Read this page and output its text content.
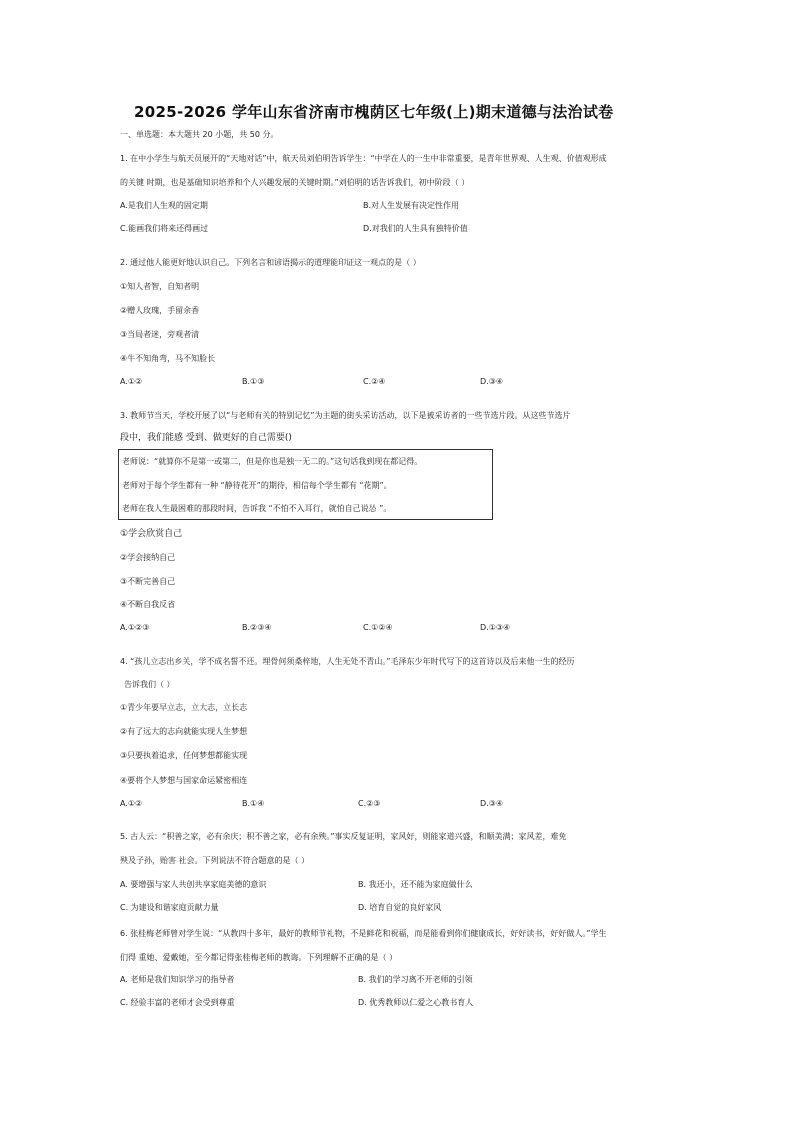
2025-2026 学年山东省济南市槐荫区七年级(上)期末道德与法治试卷
一、单选题：本大题共 20 小题，共 50 分。
1. 在中小学生与航天员展开的“天地对话”中，航天员刘伯明告诉学生：“中学在人的一生中非常重要，是青年世界观、人生观、价值观形成
的关键 时期，也是基础知识培养和个人兴趣发展的关键时期。”刘伯明的话告诉我们，初中阶段（ ）
A.是我们人生观的固定期	B.对人生发展有决定性作用
C.能画我们将来还得画过	D.对我们的人生具有独特价值
2. 通过他人能更好地认识自己。下列名言和谚语揭示的道理能印证这一观点的是（ ）
①知人者智，自知者明
②赠人玫瑰，手留余香
③当局者迷，旁观者清
④牛不知角弯，马不知脸长
A.①②	B.①③	C.②④	D.③④
3. 教师节当天，学校开展了以“与老师有关的特别记忆”为主题的街头采访活动，以下是被采访者的一些节选片段。从这些节选片
段中，我们能感 受到、做更好的自己需要()
老师说：“就算你不是第一或第二，但是你也是独一无二的。”这句话我到现在都记得。
老师对于每个学生都有一种 “静待花开”的期待，相信每个学生都有 “花期”。
老师在我人生最困难的那段时间，告诉我 “不怕不入耳行，就怕自己说怂 ”。
①学会欣赏自己
②学会接纳自己
③不断完善自己
④不断自我反省
A.①②③	B.②③④	C.①②④	D.①③④
4. “孩儿立志出乡关，学不成名誓不还。埋骨何须桑梓地，人生无处不青山。”毛泽东少年时代写下的这首诗以及后来他一生的经历
告诉我们（ ）
①青少年要早立志，立大志，立长志
②有了远大的志向就能实现人生梦想
③只要执着追求，任何梦想都能实现
④要将个人梦想与国家命运紧密相连
A.①②	B.①④	C.②③	D.③④
5. 古人云：“积善之家，必有余庆；积不善之家，必有余殃。”事实反复证明，家风好，则能家道兴盛，和顺美满；家风差，难免
殃及子孙，贻害 社会。下列说法不符合题意的是（ ）
A. 要增强与家人共创共享家庭美德的意识	B. 我还小，还不能为家庭做什么
C. 为建设和谐家庭贡献力量	D. 培育自觉的良好家风
6. 张桂梅老师曾对学生说：“从教四十多年，最好的教师节礼物，不是鲜花和祝福，而是能看到你们健康成长，好好读书，好好做人。”学生
们得 重她、爱戴她，至今都记得张桂梅老师的教诲。下列理解不正确的是（ ）
A. 老师是我们知识学习的指导者	B. 我们的学习离不开老师的引领
C. 经验丰富的老师才会受到尊重	D. 优秀教师以仁爱之心教书育人
